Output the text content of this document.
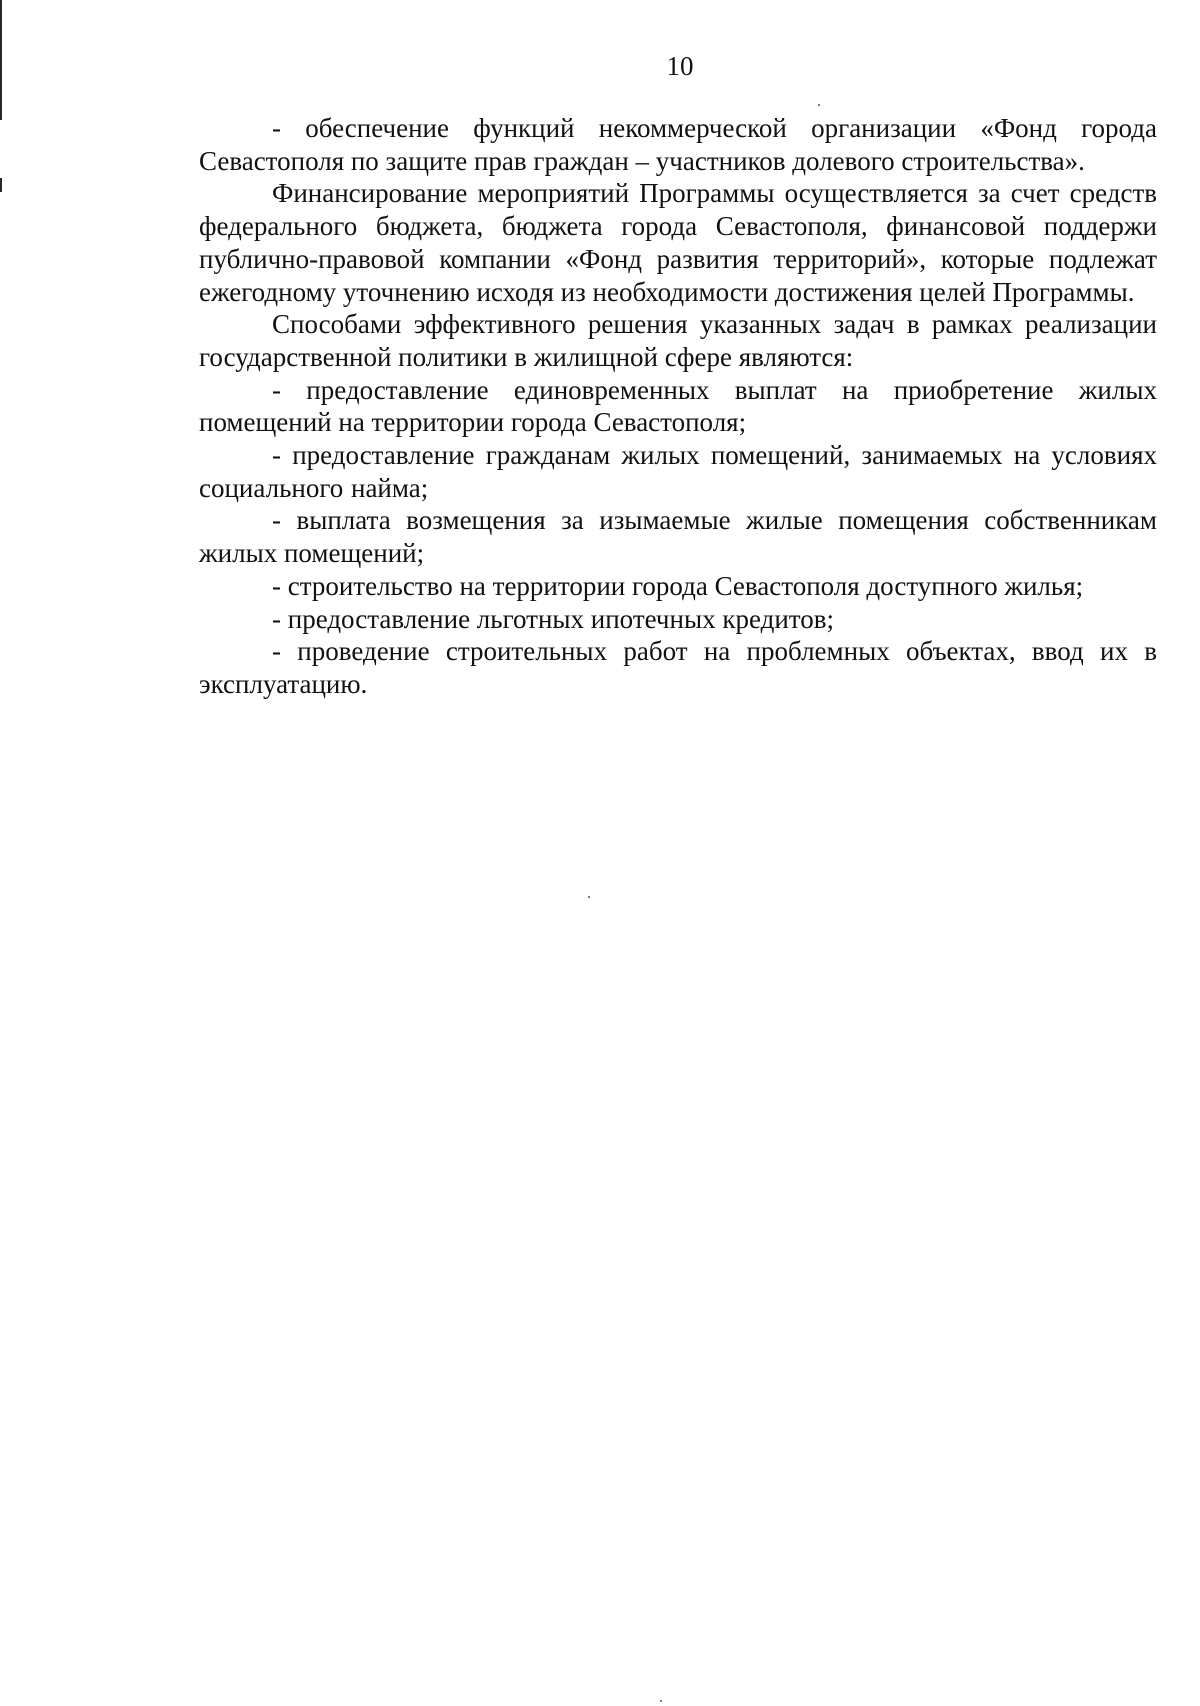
10

- обеспечение функций некоммерческой организации «Фонд города Севастополя по защите прав граждан – участников долевого строительства».

Финансирование мероприятий Программы осуществляется за счет средств федерального бюджета, бюджета города Севастополя, финансовой поддержи публично-правовой компании «Фонд развития территорий», которые подлежат ежегодному уточнению исходя из необходимости достижения целей Программы.

Способами эффективного решения указанных задач в рамках реализации государственной политики в жилищной сфере являются:

- предоставление единовременных выплат на приобретение жилых помещений на территории города Севастополя;

- предоставление гражданам жилых помещений, занимаемых на условиях социального найма;

- выплата возмещения за изымаемые жилые помещения собственникам жилых помещений;

- строительство на территории города Севастополя доступного жилья;

- предоставление льготных ипотечных кредитов;

- проведение строительных работ на проблемных объектах, ввод их в эксплуатацию.
